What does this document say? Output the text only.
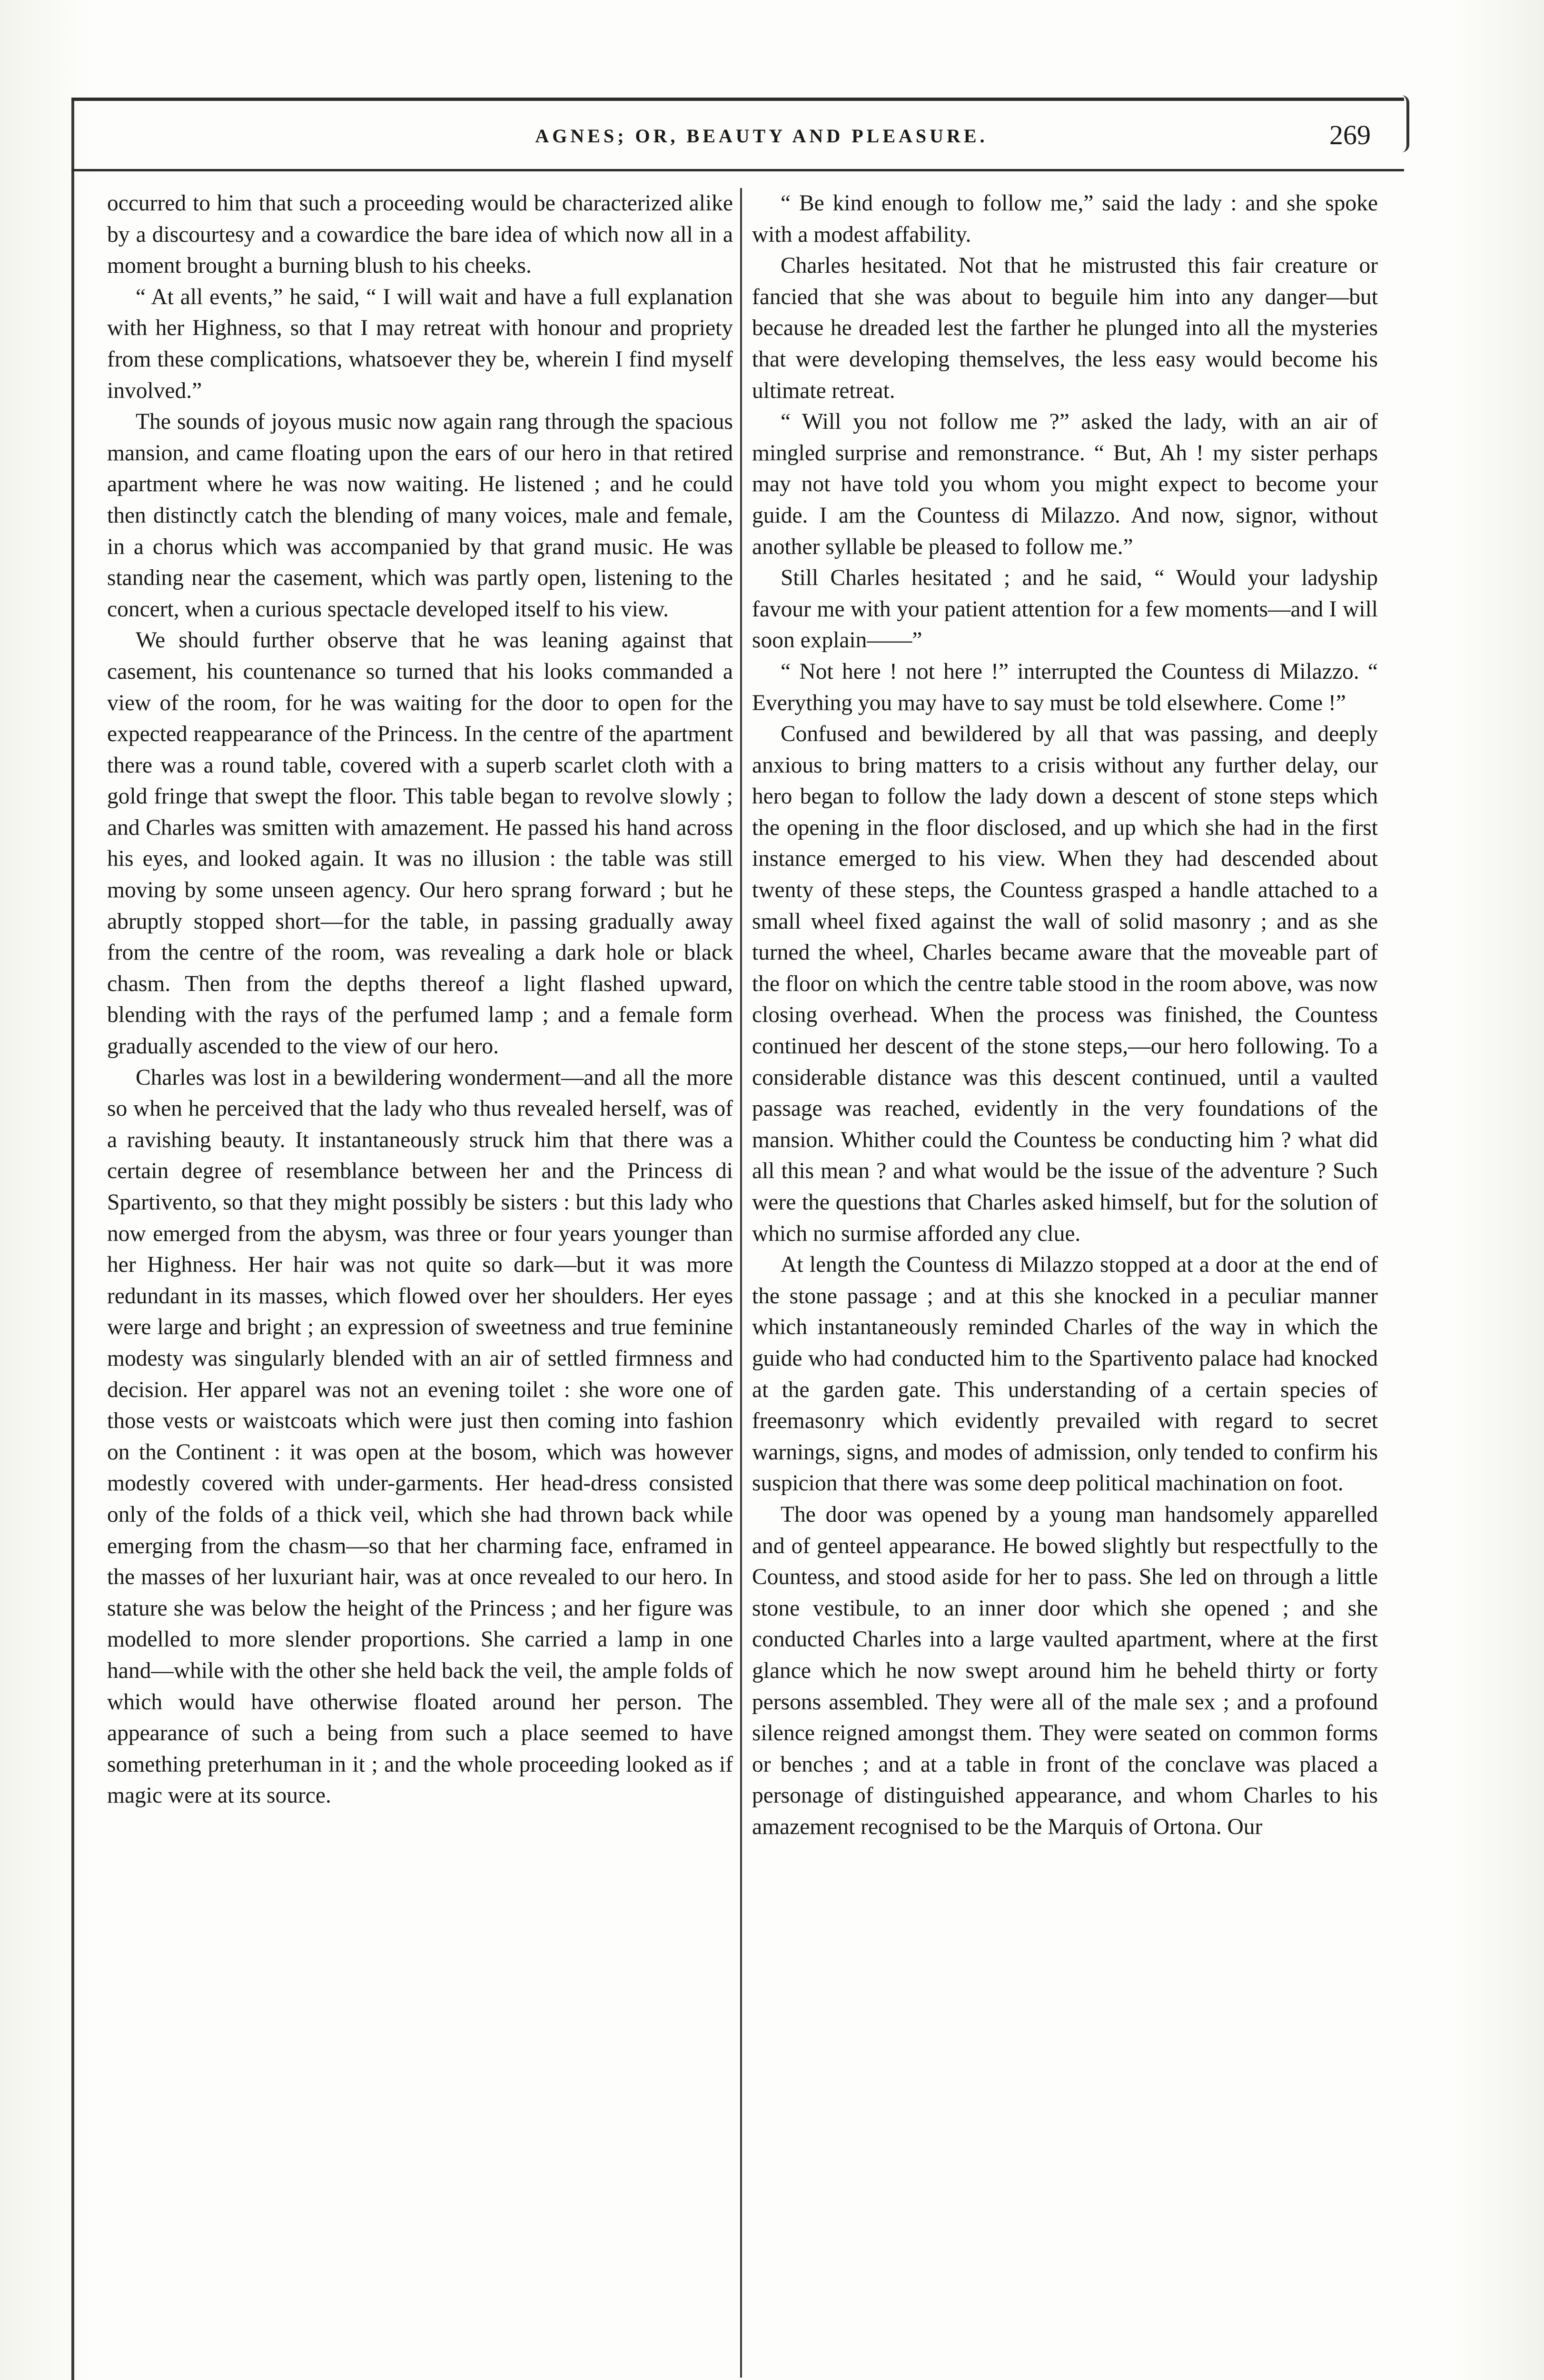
AGNES; OR, BEAUTY AND PLEASURE.	269

occurred to him that such a proceeding would be characterized alike by a discourtesy and a cowardice the bare idea of which now all in a moment brought a burning blush to his cheeks.

“ At all events,” he said, “ I will wait and have a full explanation with her Highness, so that I may retreat with honour and propriety from these complications, whatsoever they be, wherein I find myself involved.”

The sounds of joyous music now again rang through the spacious mansion, and came floating upon the ears of our hero in that retired apartment where he was now waiting. He listened ; and he could then distinctly catch the blending of many voices, male and female, in a chorus which was accompanied by that grand music. He was standing near the casement, which was partly open, listening to the concert, when a curious spectacle developed itself to his view.

We should further observe that he was leaning against that casement, his countenance so turned that his looks commanded a view of the room, for he was waiting for the door to open for the expected reappearance of the Princess. In the centre of the apartment there was a round table, covered with a superb scarlet cloth with a gold fringe that swept the floor. This table began to revolve slowly ; and Charles was smitten with amazement. He passed his hand across his eyes, and looked again. It was no illusion : the table was still moving by some unseen agency. Our hero sprang forward ; but he abruptly stopped short—for the table, in passing gradually away from the centre of the room, was revealing a dark hole or black chasm. Then from the depths thereof a light flashed upward, blending with the rays of the perfumed lamp ; and a female form gradually ascended to the view of our hero.

Charles was lost in a bewildering wonderment—and all the more so when he perceived that the lady who thus revealed herself, was of a ravishing beauty. It instantaneously struck him that there was a certain degree of resemblance between her and the Princess di Spartivento, so that they might possibly be sisters : but this lady who now emerged from the abysm, was three or four years younger than her Highness. Her hair was not quite so dark—but it was more redundant in its masses, which flowed over her shoulders. Her eyes were large and bright ; an expression of sweetness and true feminine modesty was singularly blended with an air of settled firmness and decision. Her apparel was not an evening toilet : she wore one of those vests or waistcoats which were just then coming into fashion on the Continent : it was open at the bosom, which was however modestly covered with under-garments. Her head-dress consisted only of the folds of a thick veil, which she had thrown back while emerging from the chasm—so that her charming face, enframed in the masses of her luxuriant hair, was at once revealed to our hero. In stature she was below the height of the Princess ; and her figure was modelled to more slender proportions. She carried a lamp in one hand—while with the other she held back the veil, the ample folds of which would have otherwise floated around her person. The appearance of such a being from such a place seemed to have something preterhuman in it ; and the whole proceeding looked as if magic were at its source.

“ Be kind enough to follow me,” said the lady : and she spoke with a modest affability.

Charles hesitated. Not that he mistrusted this fair creature or fancied that she was about to beguile him into any danger—but because he dreaded lest the farther he plunged into all the mysteries that were developing themselves, the less easy would become his ultimate retreat.

“ Will you not follow me ?” asked the lady, with an air of mingled surprise and remonstrance. “ But, Ah ! my sister perhaps may not have told you whom you might expect to become your guide. I am the Countess di Milazzo. And now, signor, without another syllable be pleased to follow me.”

Still Charles hesitated ; and he said, “ Would your ladyship favour me with your patient attention for a few moments—and I will soon explain——”

“ Not here ! not here !” interrupted the Countess di Milazzo. “ Everything you may have to say must be told elsewhere. Come !”

Confused and bewildered by all that was passing, and deeply anxious to bring matters to a crisis without any further delay, our hero began to follow the lady down a descent of stone steps which the opening in the floor disclosed, and up which she had in the first instance emerged to his view. When they had descended about twenty of these steps, the Countess grasped a handle attached to a small wheel fixed against the wall of solid masonry ; and as she turned the wheel, Charles became aware that the moveable part of the floor on which the centre table stood in the room above, was now closing overhead. When the process was finished, the Countess continued her descent of the stone steps,—our hero following. To a considerable distance was this descent continued, until a vaulted passage was reached, evidently in the very foundations of the mansion. Whither could the Countess be conducting him ? what did all this mean ? and what would be the issue of the adventure ? Such were the questions that Charles asked himself, but for the solution of which no surmise afforded any clue.

At length the Countess di Milazzo stopped at a door at the end of the stone passage ; and at this she knocked in a peculiar manner which instantaneously reminded Charles of the way in which the guide who had conducted him to the Spartivento palace had knocked at the garden gate. This understanding of a certain species of freemasonry which evidently prevailed with regard to secret warnings, signs, and modes of admission, only tended to confirm his suspicion that there was some deep political machination on foot.

The door was opened by a young man handsomely apparelled and of genteel appearance. He bowed slightly but respectfully to the Countess, and stood aside for her to pass. She led on through a little stone vestibule, to an inner door which she opened ; and she conducted Charles into a large vaulted apartment, where at the first glance which he now swept around him he beheld thirty or forty persons assembled. They were all of the male sex ; and a profound silence reigned amongst them. They were seated on common forms or benches ; and at a table in front of the conclave was placed a personage of distinguished appearance, and whom Charles to his amazement recognised to be the Marquis of Ortona. Our
